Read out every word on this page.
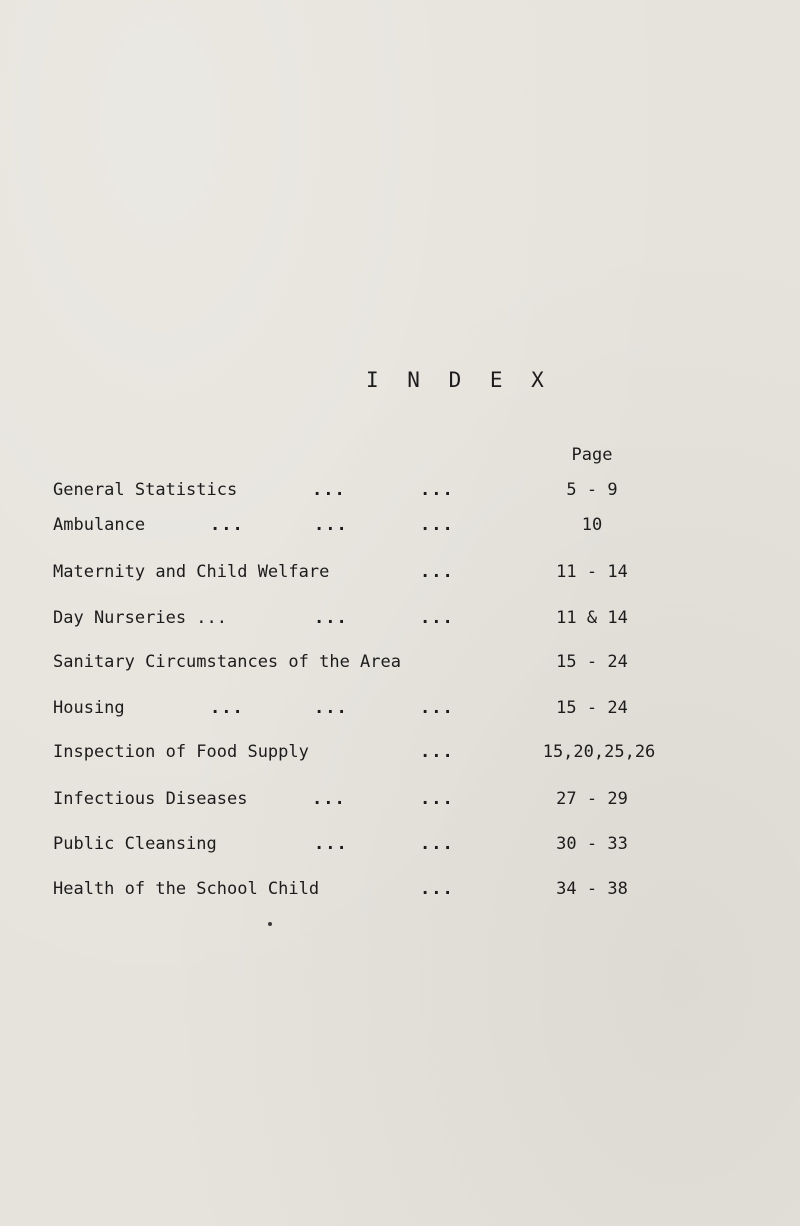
I N D E X
Page
General Statistics	...	...	5 - 9
Ambulance	...	...	...	10
Maternity and Child Welfare	...	11 - 14
Day Nurseries ...	...	...	11 & 14
Sanitary Circumstances of the Area	15 - 24
Housing	...	...	...	15 - 24
Inspection of Food Supply	...	15,20,25,26
Infectious Diseases	...	...	27 - 29
Public Cleansing	...	...	30 - 33
Health of the School Child	...	34 - 38
